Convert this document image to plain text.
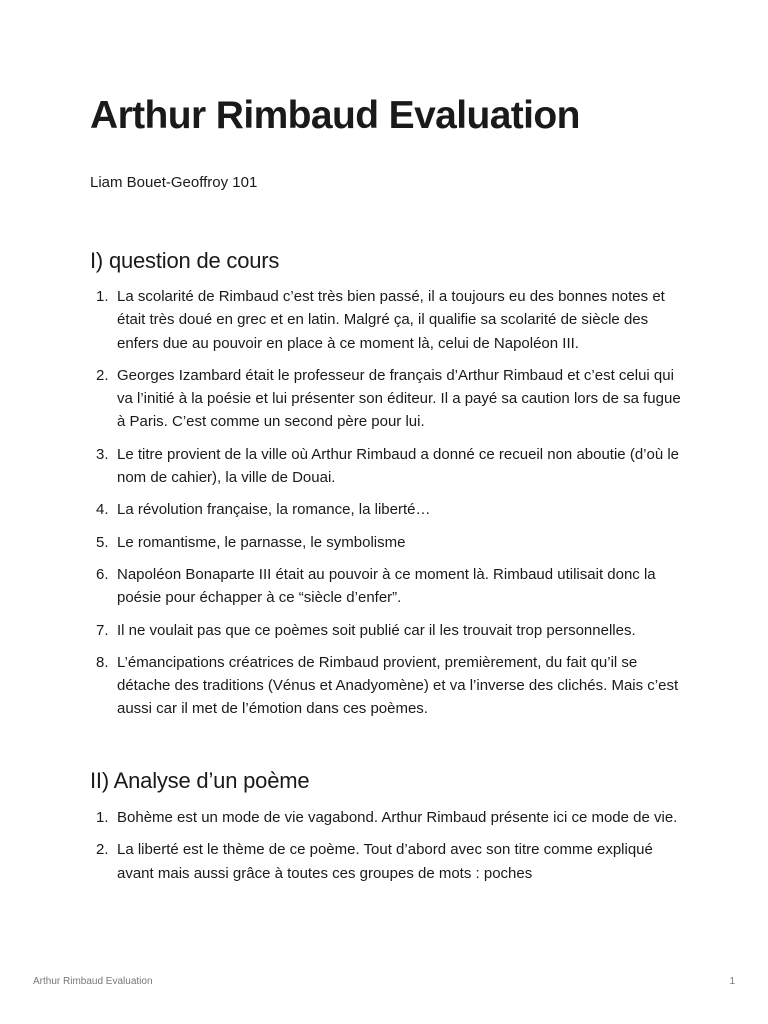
Arthur Rimbaud Evaluation

Liam Bouet-Geoffroy 101

I) question de cours
1. La scolarité de Rimbaud c’est très bien passé, il a toujours eu des bonnes notes et était très doué en grec et en latin. Malgré ça, il qualifie sa scolarité de siècle des enfers due au pouvoir en place à ce moment là, celui de Napoléon III.
2. Georges Izambard était le professeur de français d’Arthur Rimbaud et c’est celui qui va l’initié à la poésie et lui présenter son éditeur. Il a payé sa caution lors de sa fugue à Paris. C’est comme un second père pour lui.
3. Le titre provient de la ville où Arthur Rimbaud a donné ce recueil non aboutie (d’où le nom de cahier), la ville de Douai.
4. La révolution française, la romance, la liberté…
5. Le romantisme, le parnasse, le symbolisme
6. Napoléon Bonaparte III était au pouvoir à ce moment là. Rimbaud utilisait donc la poésie pour échapper à ce “siècle d’enfer”.
7. Il ne voulait pas que ce poèmes soit publié car il les trouvait trop personnelles.
8. L’émancipations créatrices de Rimbaud provient, premièrement, du fait qu’il se détache des traditions (Vénus et Anadyomène) et va l’inverse des clichés. Mais c’est aussi car il met de l’émotion dans ces poèmes.
II) Analyse d’un poème
1. Bohème est un mode de vie vagabond. Arthur Rimbaud présente ici ce mode de vie.
2. La liberté est le thème de ce poème. Tout d’abord avec son titre comme expliqué avant mais aussi grâce à toutes ces groupes de mots : poches
Arthur Rimbaud Evaluation	1
